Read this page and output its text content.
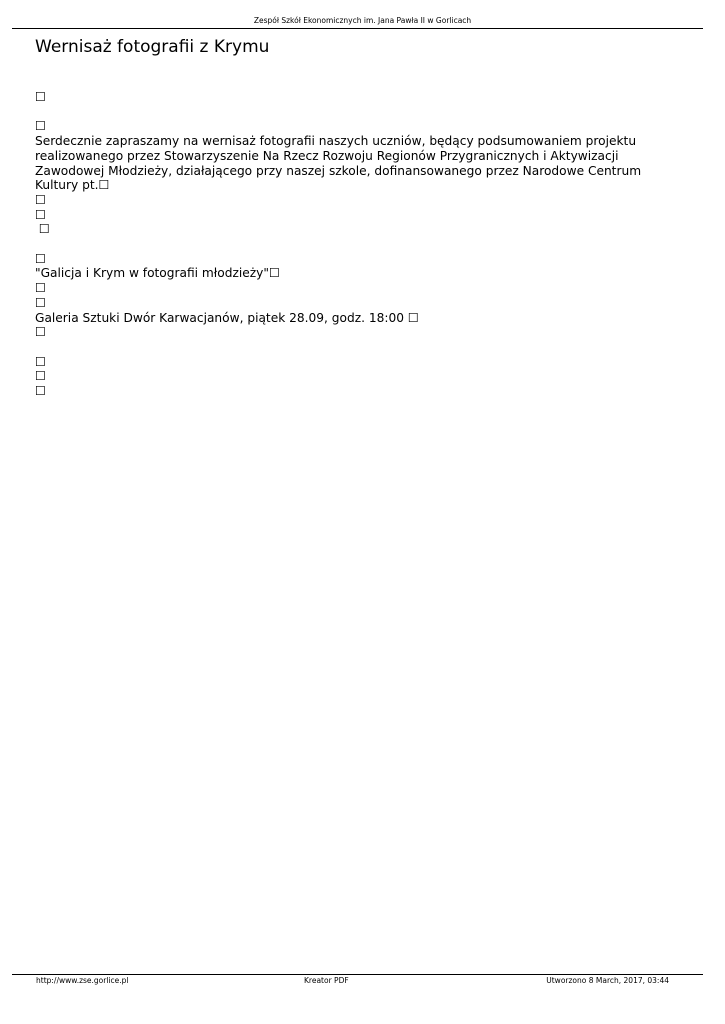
Zespół Szkół Ekonomicznych im. Jana Pawła II w Gorlicach
Wernisaż fotografii z Krymu
☐
☐
Serdecznie zapraszamy na wernisaż fotografii naszych uczniów, będący podsumowaniem projektu realizowanego przez Stowarzyszenie Na Rzecz Rozwoju Regionów Przygranicznych i Aktywizacji Zawodowej Młodzieży, działającego przy naszej szkole, dofinansowanego przez Narodowe Centrum Kultury pt.☐
☐
☐
☐
☐
"Galicja i Krym w fotografii młodzieży"☐
☐
☐
Galeria Sztuki Dwór Karwacjanów, piątek 28.09, godz. 18:00 ☐
☐
☐
☐
☐
http://www.zse.gorlice.pl	Kreator PDF	Utworzono 8 March, 2017, 03:44
